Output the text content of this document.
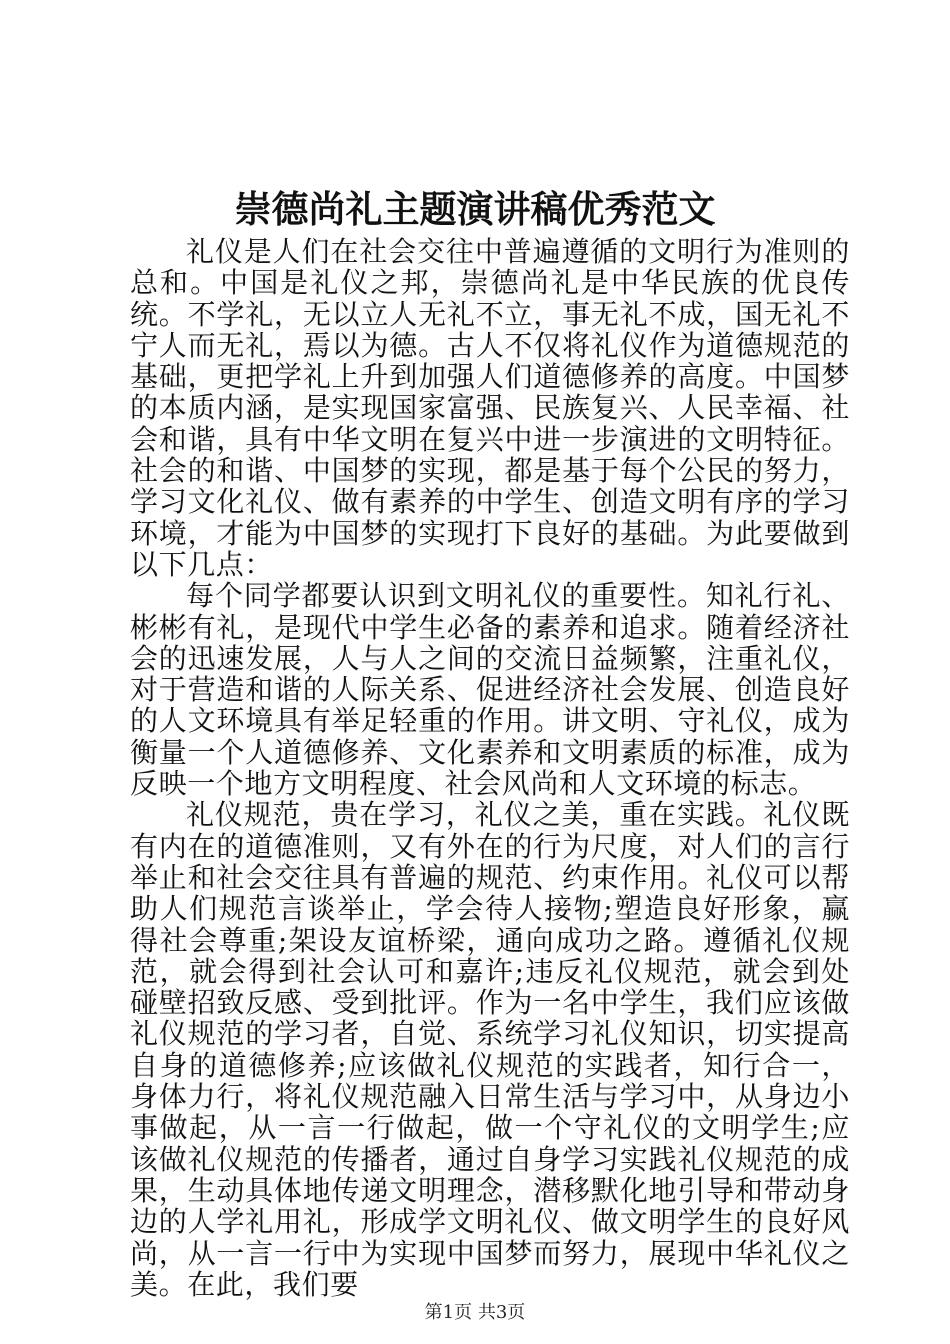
崇德尚礼主题演讲稿优秀范文

礼仪是人们在社会交往中普遍遵循的文明行为准则的总和。中国是礼仪之邦，崇德尚礼是中华民族的优良传统。不学礼，无以立人无礼不立，事无礼不成，国无礼不宁人而无礼，焉以为德。古人不仅将礼仪作为道德规范的基础，更把学礼上升到加强人们道德修养的高度。中国梦的本质内涵，是实现国家富强、民族复兴、人民幸福、社会和谐，具有中华文明在复兴中进一步演进的文明特征。社会的和谐、中国梦的实现，都是基于每个公民的努力，学习文化礼仪、做有素养的中学生、创造文明有序的学习环境，才能为中国梦的实现打下良好的基础。为此要做到以下几点：

每个同学都要认识到文明礼仪的重要性。知礼行礼、彬彬有礼，是现代中学生必备的素养和追求。随着经济社会的迅速发展，人与人之间的交流日益频繁，注重礼仪，对于营造和谐的人际关系、促进经济社会发展、创造良好的人文环境具有举足轻重的作用。讲文明、守礼仪，成为衡量一个人道德修养、文化素养和文明素质的标准，成为反映一个地方文明程度、社会风尚和人文环境的标志。

礼仪规范，贵在学习，礼仪之美，重在实践。礼仪既有内在的道德准则，又有外在的行为尺度，对人们的言行举止和社会交往具有普遍的规范、约束作用。礼仪可以帮助人们规范言谈举止，学会待人接物;塑造良好形象，赢得社会尊重;架设友谊桥梁，通向成功之路。遵循礼仪规范，就会得到社会认可和嘉许;违反礼仪规范，就会到处碰壁招致反感、受到批评。作为一名中学生，我们应该做礼仪规范的学习者，自觉、系统学习礼仪知识，切实提高自身的道德修养;应该做礼仪规范的实践者，知行合一，身体力行，将礼仪规范融入日常生活与学习中，从身边小事做起，从一言一行做起，做一个守礼仪的文明学生;应该做礼仪规范的传播者，通过自身学习实践礼仪规范的成果，生动具体地传递文明理念，潜移默化地引导和带动身边的人学礼用礼，形成学文明礼仪、做文明学生的良好风尚，从一言一行中为实现中国梦而努力，展现中华礼仪之美。在此，我们要

第1页 共3页
